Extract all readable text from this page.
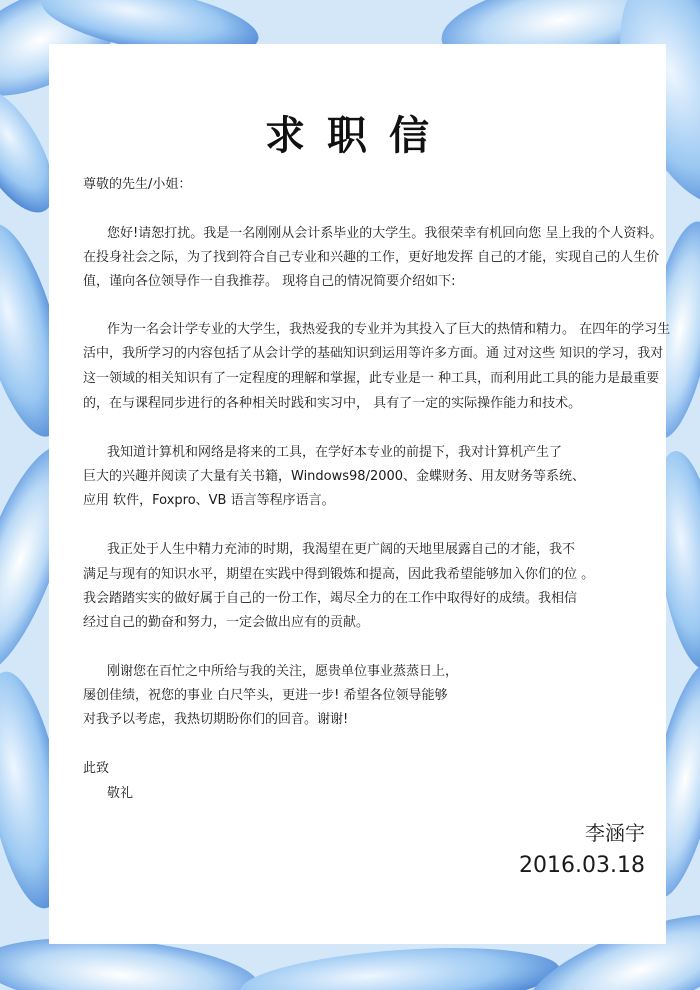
求职信
尊敬的先生/小姐：
您好!请恕打扰。我是一名刚刚从会计系毕业的大学生。我很荣幸有机回向您 呈上我的个人资料。
在投身社会之际，为了找到符合自己专业和兴趣的工作，更好地发挥 自己的才能，实现自己的人生价
值，谨向各位领导作一自我推荐。 现将自己的情况简要介绍如下:
作为一名会计学专业的大学生，我热爱我的专业并为其投入了巨大的热情和精力。 在四年的学习生
活中，我所学习的内容包括了从会计学的基础知识到运用等许多方面。通 过对这些 知识的学习，我对
这一领域的相关知识有了一定程度的理解和掌握，此专业是一 种工具，而利用此工具的能力是最重要
的，在与课程同步进行的各种相关时践和实习中， 具有了一定的实际操作能力和技术。
我知道计算机和网络是将来的工具，在学好本专业的前提下，我对计算机产生了
巨大的兴趣并阅读了大量有关书籍，Windows98/2000、金蝶财务、用友财务等系统、
应用 软件，Foxpro、VB 语言等程序语言。
我正处于人生中精力充沛的时期，我渴望在更广阔的天地里展露自己的才能，我不
满足与现有的知识水平，期望在实践中得到锻炼和提高，因此我希望能够加入你们的位 。
我会踏踏实实的做好属于自己的一份工作，竭尽全力的在工作中取得好的成绩。我相信
经过自己的勤奋和努力，一定会做出应有的贡献。
刚谢您在百忙之中所给与我的关注，愿贵单位事业蒸蒸日上，
屡创佳绩，祝您的事业 白尺竿头，更进一步! 希望各位领导能够
对我予以考虑，我热切期盼你们的回音。谢谢!
此致
敬礼
李涵宇
2016.03.18
